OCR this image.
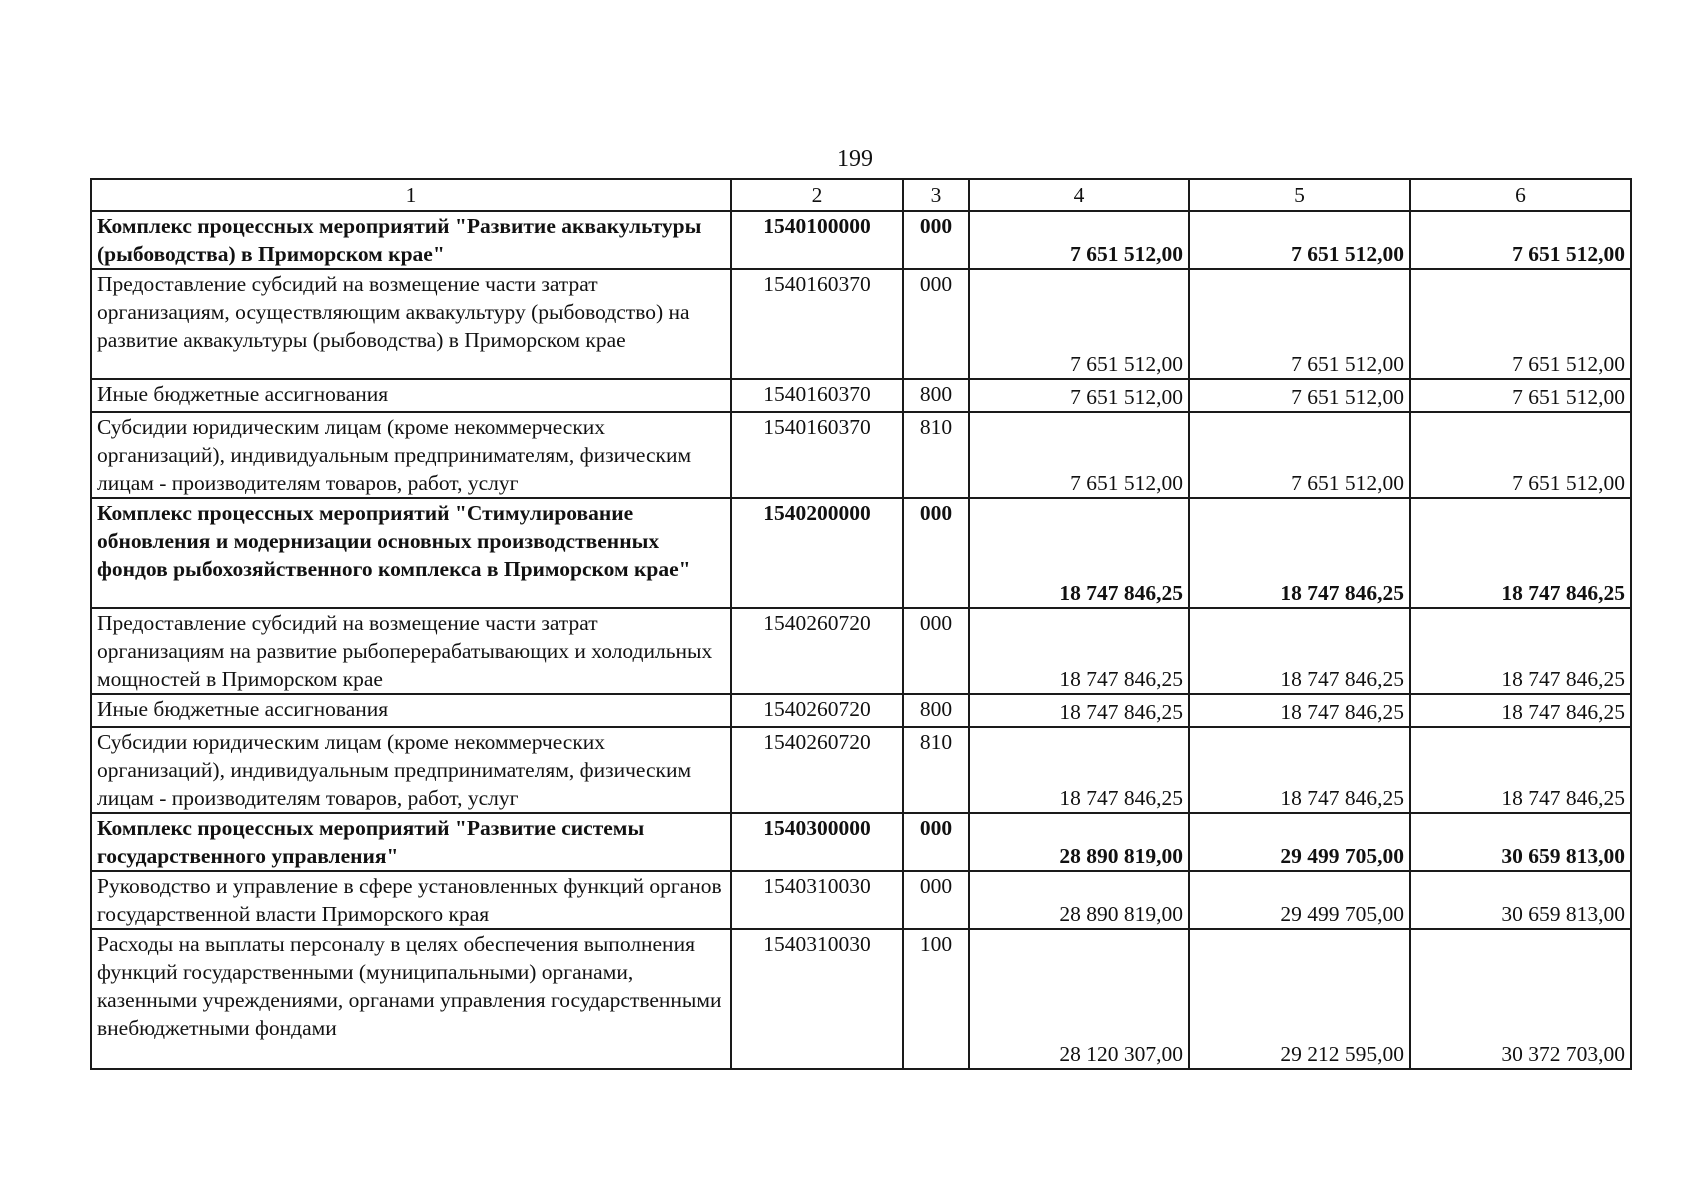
199
1	2	3	4	5	6
Комплекс процессных мероприятий "Развитие аквакультуры (рыбоводства) в Приморском крае"	1540100000	000	7 651 512,00	7 651 512,00	7 651 512,00
Предоставление субсидий на возмещение части затрат организациям, осуществляющим аквакультуру (рыбоводство) на развитие аквакультуры (рыбоводства) в Приморском крае	1540160370	000	7 651 512,00	7 651 512,00	7 651 512,00
Иные бюджетные ассигнования	1540160370	800	7 651 512,00	7 651 512,00	7 651 512,00
Субсидии юридическим лицам (кроме некоммерческих организаций), индивидуальным предпринимателям, физическим лицам - производителям товаров, работ, услуг	1540160370	810	7 651 512,00	7 651 512,00	7 651 512,00
Комплекс процессных мероприятий "Стимулирование обновления и модернизации основных производственных фондов рыбохозяйственного комплекса в Приморском крае"	1540200000	000	18 747 846,25	18 747 846,25	18 747 846,25
Предоставление субсидий на возмещение части затрат организациям на развитие рыбоперерабатывающих и холодильных мощностей в Приморском крае	1540260720	000	18 747 846,25	18 747 846,25	18 747 846,25
Иные бюджетные ассигнования	1540260720	800	18 747 846,25	18 747 846,25	18 747 846,25
Субсидии юридическим лицам (кроме некоммерческих организаций), индивидуальным предпринимателям, физическим лицам - производителям товаров, работ, услуг	1540260720	810	18 747 846,25	18 747 846,25	18 747 846,25
Комплекс процессных мероприятий "Развитие системы государственного управления"	1540300000	000	28 890 819,00	29 499 705,00	30 659 813,00
Руководство и управление в сфере установленных функций органов государственной власти Приморского края	1540310030	000	28 890 819,00	29 499 705,00	30 659 813,00
Расходы на выплаты персоналу в целях обеспечения выполнения функций государственными (муниципальными) органами, казенными учреждениями, органами управления государственными внебюджетными фондами	1540310030	100	28 120 307,00	29 212 595,00	30 372 703,00
